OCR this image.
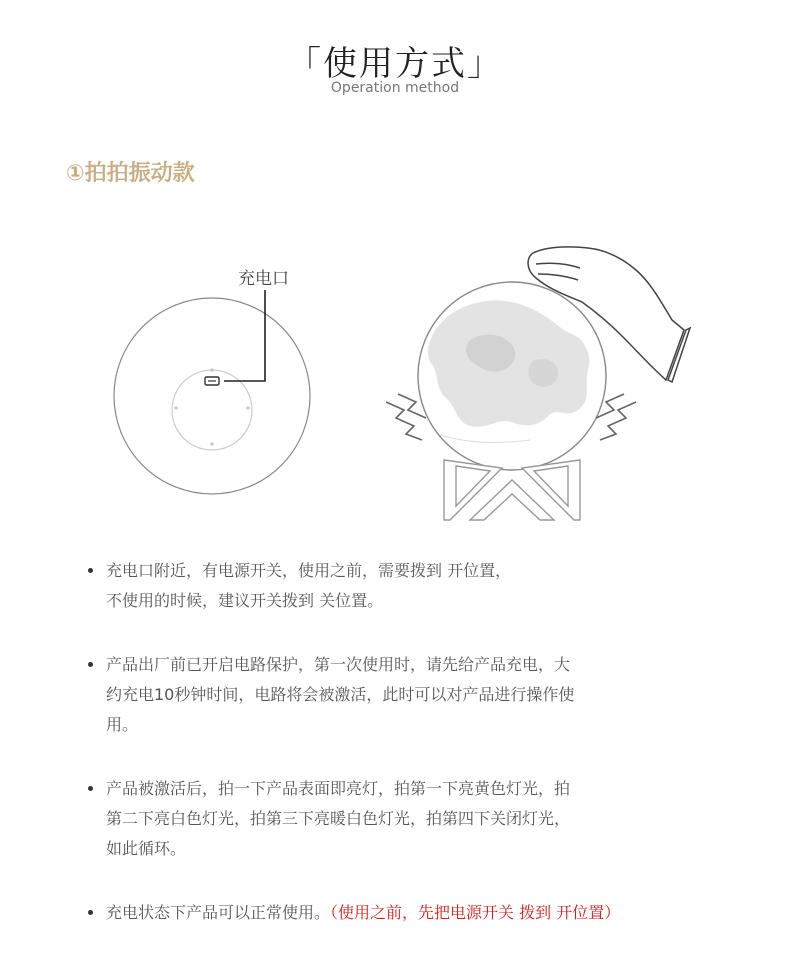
「使用方式」
Operation method
①拍拍振动款
充电口
充电口附近，有电源开关，使用之前，需要拨到 开位置，
不使用的时候，建议开关拨到 关位置。
产品出厂前已开启电路保护，第一次使用时，请先给产品充电，大
约充电10秒钟时间，电路将会被激活，此时可以对产品进行操作使
用。
产品被激活后，拍一下产品表面即亮灯，拍第一下亮黄色灯光，拍
第二下亮白色灯光，拍第三下亮暖白色灯光，拍第四下关闭灯光，
如此循环。
充电状态下产品可以正常使用。（使用之前，先把电源开关 拨到 开位置）
